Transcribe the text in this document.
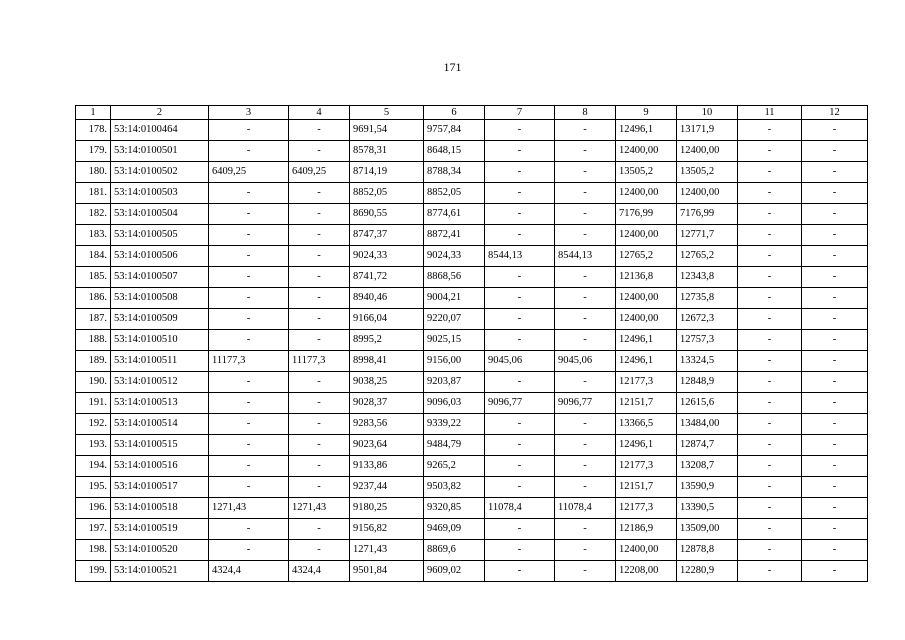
171
1	2	3	4	5	6	7	8	9	10	11	12
178.	53:14:0100464	-	-	9691,54	9757,84	-	-	12496,1	13171,9	-	-
179.	53:14:0100501	-	-	8578,31	8648,15	-	-	12400,00	12400,00	-	-
180.	53:14:0100502	6409,25	6409,25	8714,19	8788,34	-	-	13505,2	13505,2	-	-
181.	53:14:0100503	-	-	8852,05	8852,05	-	-	12400,00	12400,00	-	-
182.	53:14:0100504	-	-	8690,55	8774,61	-	-	7176,99	7176,99	-	-
183.	53:14:0100505	-	-	8747,37	8872,41	-	-	12400,00	12771,7	-	-
184.	53:14:0100506	-	-	9024,33	9024,33	8544,13	8544,13	12765,2	12765,2	-	-
185.	53:14:0100507	-	-	8741,72	8868,56	-	-	12136,8	12343,8	-	-
186.	53:14:0100508	-	-	8940,46	9004,21	-	-	12400,00	12735,8	-	-
187.	53:14:0100509	-	-	9166,04	9220,07	-	-	12400,00	12672,3	-	-
188.	53:14:0100510	-	-	8995,2	9025,15	-	-	12496,1	12757,3	-	-
189.	53:14:0100511	11177,3	11177,3	8998,41	9156,00	9045,06	9045,06	12496,1	13324,5	-	-
190.	53:14:0100512	-	-	9038,25	9203,87	-	-	12177,3	12848,9	-	-
191.	53:14:0100513	-	-	9028,37	9096,03	9096,77	9096,77	12151,7	12615,6	-	-
192.	53:14:0100514	-	-	9283,56	9339,22	-	-	13366,5	13484,00	-	-
193.	53:14:0100515	-	-	9023,64	9484,79	-	-	12496,1	12874,7	-	-
194.	53:14:0100516	-	-	9133,86	9265,2	-	-	12177,3	13208,7	-	-
195.	53:14:0100517	-	-	9237,44	9503,82	-	-	12151,7	13590,9	-	-
196.	53:14:0100518	1271,43	1271,43	9180,25	9320,85	11078,4	11078,4	12177,3	13390,5	-	-
197.	53:14:0100519	-	-	9156,82	9469,09	-	-	12186,9	13509,00	-	-
198.	53:14:0100520	-	-	1271,43	8869,6	-	-	12400,00	12878,8	-	-
199.	53:14:0100521	4324,4	4324,4	9501,84	9609,02	-	-	12208,00	12280,9	-	-
